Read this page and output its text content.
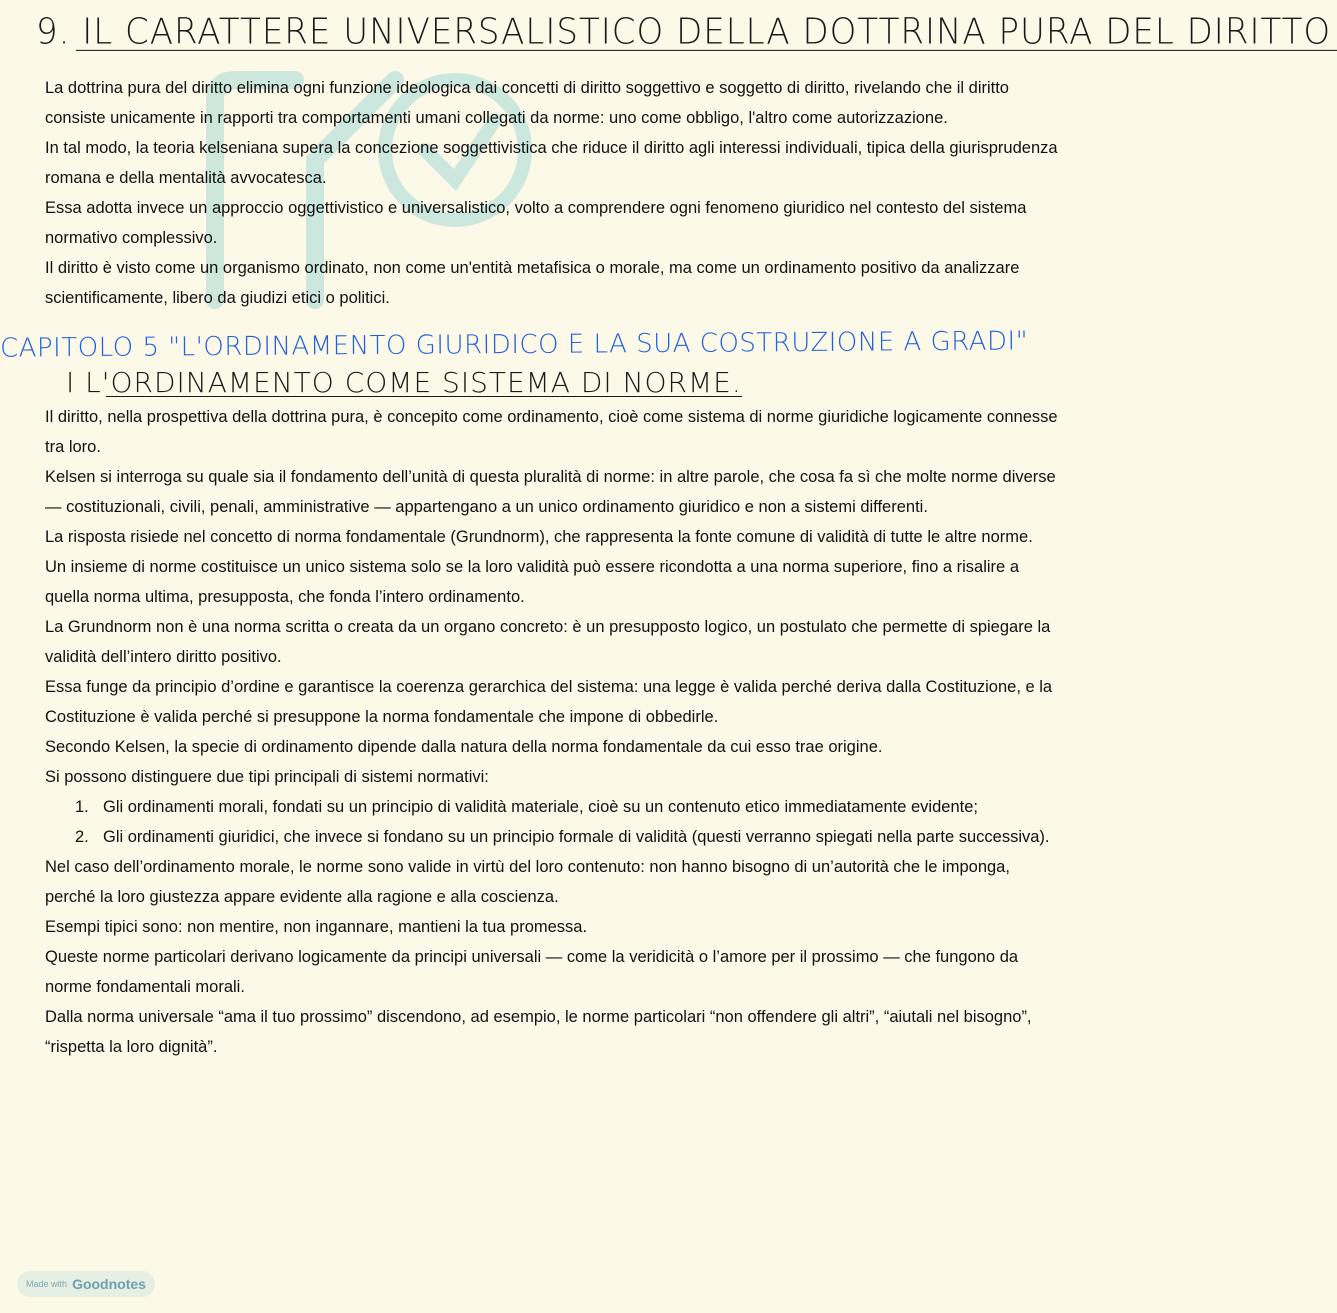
9. IL CARATTERE UNIVERSALISTICO DELLA DOTTRINA PURA DEL DIRITTO

La dottrina pura del diritto elimina ogni funzione ideologica dai concetti di diritto soggettivo e soggetto di diritto, rivelando che il diritto consiste unicamente in rapporti tra comportamenti umani collegati da norme: uno come obbligo, l'altro come autorizzazione.

In tal modo, la teoria kelseniana supera la concezione soggettivistica che riduce il diritto agli interessi individuali, tipica della giurisprudenza romana e della mentalità avvocatesca.

Essa adotta invece un approccio oggettivistico e universalistico, volto a comprendere ogni fenomeno giuridico nel contesto del sistema normativo complessivo.

Il diritto è visto come un organismo ordinato, non come un'entità metafisica o morale, ma come un ordinamento positivo da analizzare scientificamente, libero da giudizi etici o politici.

CAPITOLO 5 "L'ORDINAMENTO GIURIDICO E LA SUA COSTRUZIONE A GRADI"
I L'ORDINAMENTO COME SISTEMA DI NORME.

Il diritto, nella prospettiva della dottrina pura, è concepito come ordinamento, cioè come sistema di norme giuridiche logicamente connesse tra loro.

Kelsen si interroga su quale sia il fondamento dell’unità di questa pluralità di norme: in altre parole, che cosa fa sì che molte norme diverse — costituzionali, civili, penali, amministrative — appartengano a un unico ordinamento giuridico e non a sistemi differenti.

La risposta risiede nel concetto di norma fondamentale (Grundnorm), che rappresenta la fonte comune di validità di tutte le altre norme.

Un insieme di norme costituisce un unico sistema solo se la loro validità può essere ricondotta a una norma superiore, fino a risalire a quella norma ultima, presupposta, che fonda l’intero ordinamento.

La Grundnorm non è una norma scritta o creata da un organo concreto: è un presupposto logico, un postulato che permette di spiegare la validità dell’intero diritto positivo.

Essa funge da principio d’ordine e garantisce la coerenza gerarchica del sistema: una legge è valida perché deriva dalla Costituzione, e la Costituzione è valida perché si presuppone la norma fondamentale che impone di obbedirle.

Secondo Kelsen, la specie di ordinamento dipende dalla natura della norma fondamentale da cui esso trae origine.

Si possono distinguere due tipi principali di sistemi normativi:

1. Gli ordinamenti morali, fondati su un principio di validità materiale, cioè su un contenuto etico immediatamente evidente;

2. Gli ordinamenti giuridici, che invece si fondano su un principio formale di validità (questi verranno spiegati nella parte successiva).

Nel caso dell’ordinamento morale, le norme sono valide in virtù del loro contenuto: non hanno bisogno di un’autorità che le imponga, perché la loro giustezza appare evidente alla ragione e alla coscienza.

Esempi tipici sono: non mentire, non ingannare, mantieni la tua promessa.

Queste norme particolari derivano logicamente da principi universali — come la veridicità o l’amore per il prossimo — che fungono da norme fondamentali morali.

Dalla norma universale “ama il tuo prossimo” discendono, ad esempio, le norme particolari “non offendere gli altri”, “aiutali nel bisogno”, “rispetta la loro dignità”.

Made with Goodnotes
